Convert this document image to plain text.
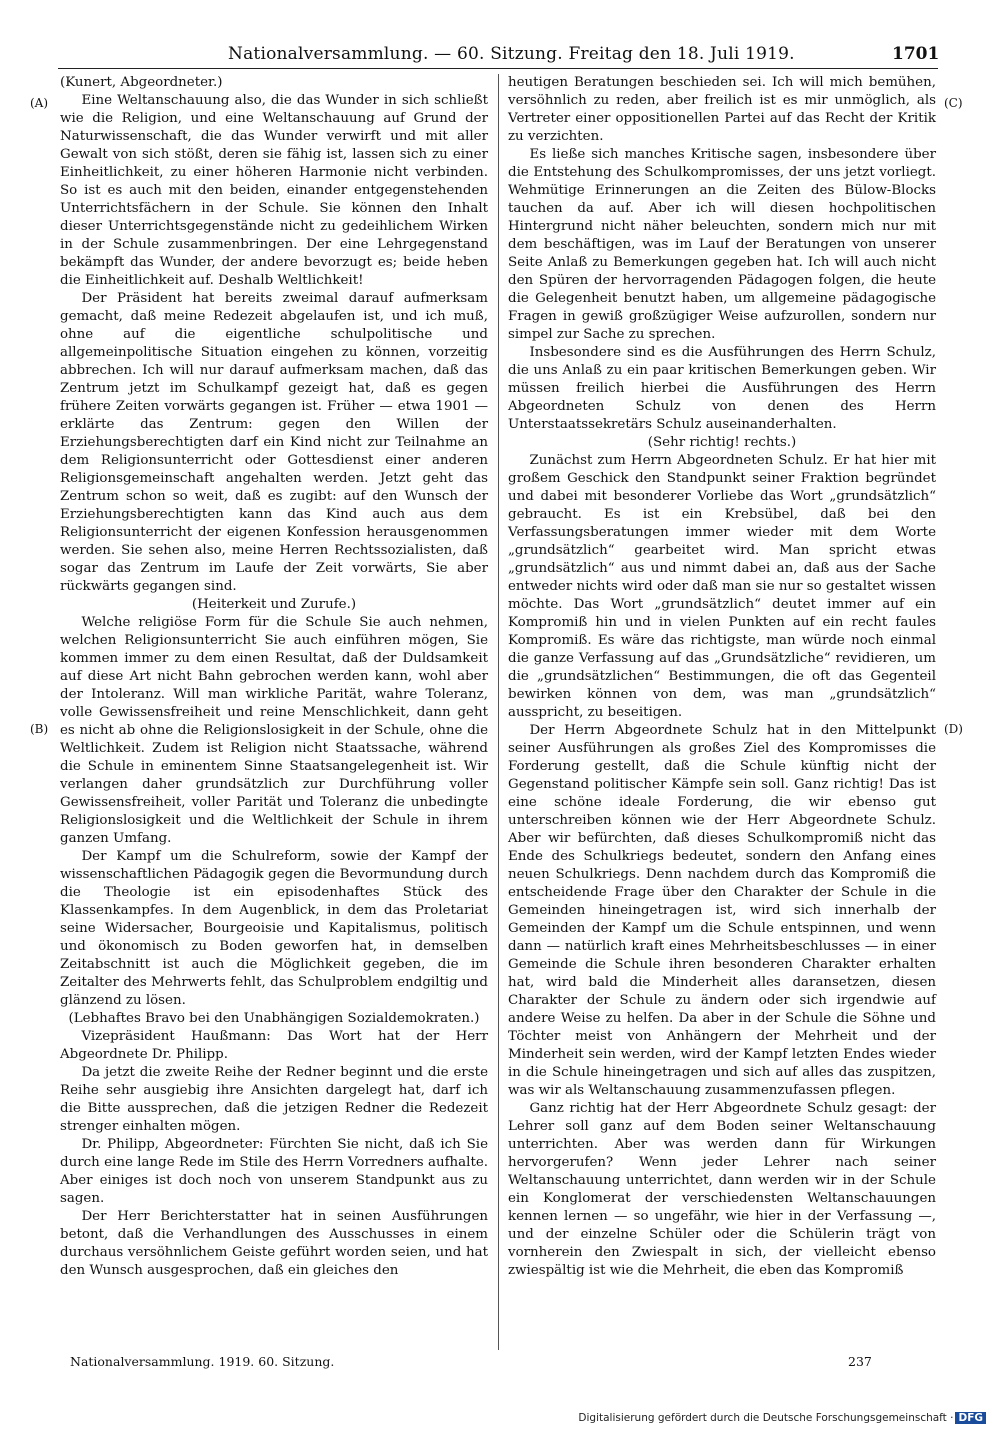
Nationalversammlung. — 60. Sitzung. Freitag den 18. Juli 1919.	1701
(A)
(B)
(C)
(D)

(Kunert, Abgeordneter.)

Eine Weltanschauung also, die das Wunder in sich schließt wie die Religion, und eine Weltanschauung auf Grund der Naturwissenschaft, die das Wunder verwirft und mit aller Gewalt von sich stößt, deren sie fähig ist, lassen sich zu einer Einheitlichkeit, zu einer höheren Harmonie nicht verbinden. So ist es auch mit den beiden, einander entgegenstehenden Unterrichtsfächern in der Schule. Sie können den Inhalt dieser Unterrichtsgegenstände nicht zu gedeihlichem Wirken in der Schule zusammenbringen. Der eine Lehrgegenstand bekämpft das Wunder, der andere bevorzugt es; beide heben die Einheitlichkeit auf. Deshalb Weltlichkeit!

Der Präsident hat bereits zweimal darauf aufmerksam gemacht, daß meine Redezeit abgelaufen ist, und ich muß, ohne auf die eigentliche schulpolitische und allgemeinpolitische Situation eingehen zu können, vorzeitig abbrechen. Ich will nur darauf aufmerksam machen, daß das Zentrum jetzt im Schulkampf gezeigt hat, daß es gegen frühere Zeiten vorwärts gegangen ist. Früher — etwa 1901 — erklärte das Zentrum: gegen den Willen der Erziehungsberechtigten darf ein Kind nicht zur Teilnahme an dem Religionsunterricht oder Gottesdienst einer anderen Religionsgemeinschaft angehalten werden. Jetzt geht das Zentrum schon so weit, daß es zugibt: auf den Wunsch der Erziehungsberechtigten kann das Kind auch aus dem Religionsunterricht der eigenen Konfession herausgenommen werden. Sie sehen also, meine Herren Rechtssozialisten, daß sogar das Zentrum im Laufe der Zeit vorwärts, Sie aber rückwärts gegangen sind.

(Heiterkeit und Zurufe.)

Welche religiöse Form für die Schule Sie auch nehmen, welchen Religionsunterricht Sie auch einführen mögen, Sie kommen immer zu dem einen Resultat, daß der Duldsamkeit auf diese Art nicht Bahn gebrochen werden kann, wohl aber der Intoleranz. Will man wirkliche Parität, wahre Toleranz, volle Gewissensfreiheit und reine Menschlichkeit, dann geht es nicht ab ohne die Religionslosigkeit in der Schule, ohne die Weltlichkeit. Zudem ist Religion nicht Staatssache, während die Schule in eminentem Sinne Staatsangelegenheit ist. Wir verlangen daher grundsätzlich zur Durchführung voller Gewissensfreiheit, voller Parität und Toleranz die unbedingte Religionslosigkeit und die Weltlichkeit der Schule in ihrem ganzen Umfang.

Der Kampf um die Schulreform, sowie der Kampf der wissenschaftlichen Pädagogik gegen die Bevormundung durch die Theologie ist ein episodenhaftes Stück des Klassenkampfes. In dem Augenblick, in dem das Proletariat seine Widersacher, Bourgeoisie und Kapitalismus, politisch und ökonomisch zu Boden geworfen hat, in demselben Zeitabschnitt ist auch die Möglichkeit gegeben, die im Zeitalter des Mehrwerts fehlt, das Schulproblem endgiltig und glänzend zu lösen.

(Lebhaftes Bravo bei den Unabhängigen Sozialdemokraten.)

Vizepräsident Haußmann: Das Wort hat der Herr Abgeordnete Dr. Philipp.

Da jetzt die zweite Reihe der Redner beginnt und die erste Reihe sehr ausgiebig ihre Ansichten dargelegt hat, darf ich die Bitte aussprechen, daß die jetzigen Redner die Redezeit strenger einhalten mögen.

Dr. Philipp, Abgeordneter: Fürchten Sie nicht, daß ich Sie durch eine lange Rede im Stile des Herrn Vorredners aufhalte. Aber einiges ist doch noch von unserem Standpunkt aus zu sagen.

Der Herr Berichterstatter hat in seinen Ausführungen betont, daß die Verhandlungen des Ausschusses in einem durchaus versöhnlichem Geiste geführt worden seien, und hat den Wunsch ausgesprochen, daß ein gleiches den

heutigen Beratungen beschieden sei. Ich will mich bemühen, versöhnlich zu reden, aber freilich ist es mir unmöglich, als Vertreter einer oppositionellen Partei auf das Recht der Kritik zu verzichten.

Es ließe sich manches Kritische sagen, insbesondere über die Entstehung des Schulkompromisses, der uns jetzt vorliegt. Wehmütige Erinnerungen an die Zeiten des Bülow-Blocks tauchen da auf. Aber ich will diesen hochpolitischen Hintergrund nicht näher beleuchten, sondern mich nur mit dem beschäftigen, was im Lauf der Beratungen von unserer Seite Anlaß zu Bemerkungen gegeben hat. Ich will auch nicht den Spüren der hervorragenden Pädagogen folgen, die heute die Gelegenheit benutzt haben, um allgemeine pädagogische Fragen in gewiß großzügiger Weise aufzurollen, sondern nur simpel zur Sache zu sprechen.

Insbesondere sind es die Ausführungen des Herrn Schulz, die uns Anlaß zu ein paar kritischen Bemerkungen geben. Wir müssen freilich hierbei die Ausführungen des Herrn Abgeordneten Schulz von denen des Herrn Unterstaatssekretärs Schulz auseinanderhalten.

(Sehr richtig! rechts.)

Zunächst zum Herrn Abgeordneten Schulz. Er hat hier mit großem Geschick den Standpunkt seiner Fraktion begründet und dabei mit besonderer Vorliebe das Wort „grundsätzlich“ gebraucht. Es ist ein Krebsübel, daß bei den Verfassungsberatungen immer wieder mit dem Worte „grundsätzlich“ gearbeitet wird. Man spricht etwas „grundsätzlich“ aus und nimmt dabei an, daß aus der Sache entweder nichts wird oder daß man sie nur so gestaltet wissen möchte. Das Wort „grundsätzlich“ deutet immer auf ein Kompromiß hin und in vielen Punkten auf ein recht faules Kompromiß. Es wäre das richtigste, man würde noch einmal die ganze Verfassung auf das „Grundsätzliche“ revidieren, um die „grundsätzlichen“ Bestimmungen, die oft das Gegenteil bewirken können von dem, was man „grundsätzlich“ ausspricht, zu beseitigen.

Der Herrn Abgeordnete Schulz hat in den Mittelpunkt seiner Ausführungen als großes Ziel des Kompromisses die Forderung gestellt, daß die Schule künftig nicht der Gegenstand politischer Kämpfe sein soll. Ganz richtig! Das ist eine schöne ideale Forderung, die wir ebenso gut unterschreiben können wie der Herr Abgeordnete Schulz. Aber wir befürchten, daß dieses Schulkompromiß nicht das Ende des Schulkriegs bedeutet, sondern den Anfang eines neuen Schulkriegs. Denn nachdem durch das Kompromiß die entscheidende Frage über den Charakter der Schule in die Gemeinden hineingetragen ist, wird sich innerhalb der Gemeinden der Kampf um die Schule entspinnen, und wenn dann — natürlich kraft eines Mehrheitsbeschlusses — in einer Gemeinde die Schule ihren besonderen Charakter erhalten hat, wird bald die Minderheit alles daransetzen, diesen Charakter der Schule zu ändern oder sich irgendwie auf andere Weise zu helfen. Da aber in der Schule die Söhne und Töchter meist von Anhängern der Mehrheit und der Minderheit sein werden, wird der Kampf letzten Endes wieder in die Schule hineingetragen und sich auf alles das zuspitzen, was wir als Weltanschauung zusammenzufassen pflegen.

Ganz richtig hat der Herr Abgeordnete Schulz gesagt: der Lehrer soll ganz auf dem Boden seiner Weltanschauung unterrichten. Aber was werden dann für Wirkungen hervorgerufen? Wenn jeder Lehrer nach seiner Weltanschauung unterrichtet, dann werden wir in der Schule ein Konglomerat der verschiedensten Weltanschauungen kennen lernen — so ungefähr, wie hier in der Verfassung —, und der einzelne Schüler oder die Schülerin trägt von vornherein den Zwiespalt in sich, der vielleicht ebenso zwiespältig ist wie die Mehrheit, die eben das Kompromiß

Nationalversammlung. 1919. 60. Sitzung.	237
Digitalisierung gefördert durch die Deutsche Forschungsgemeinschaft · DFG
